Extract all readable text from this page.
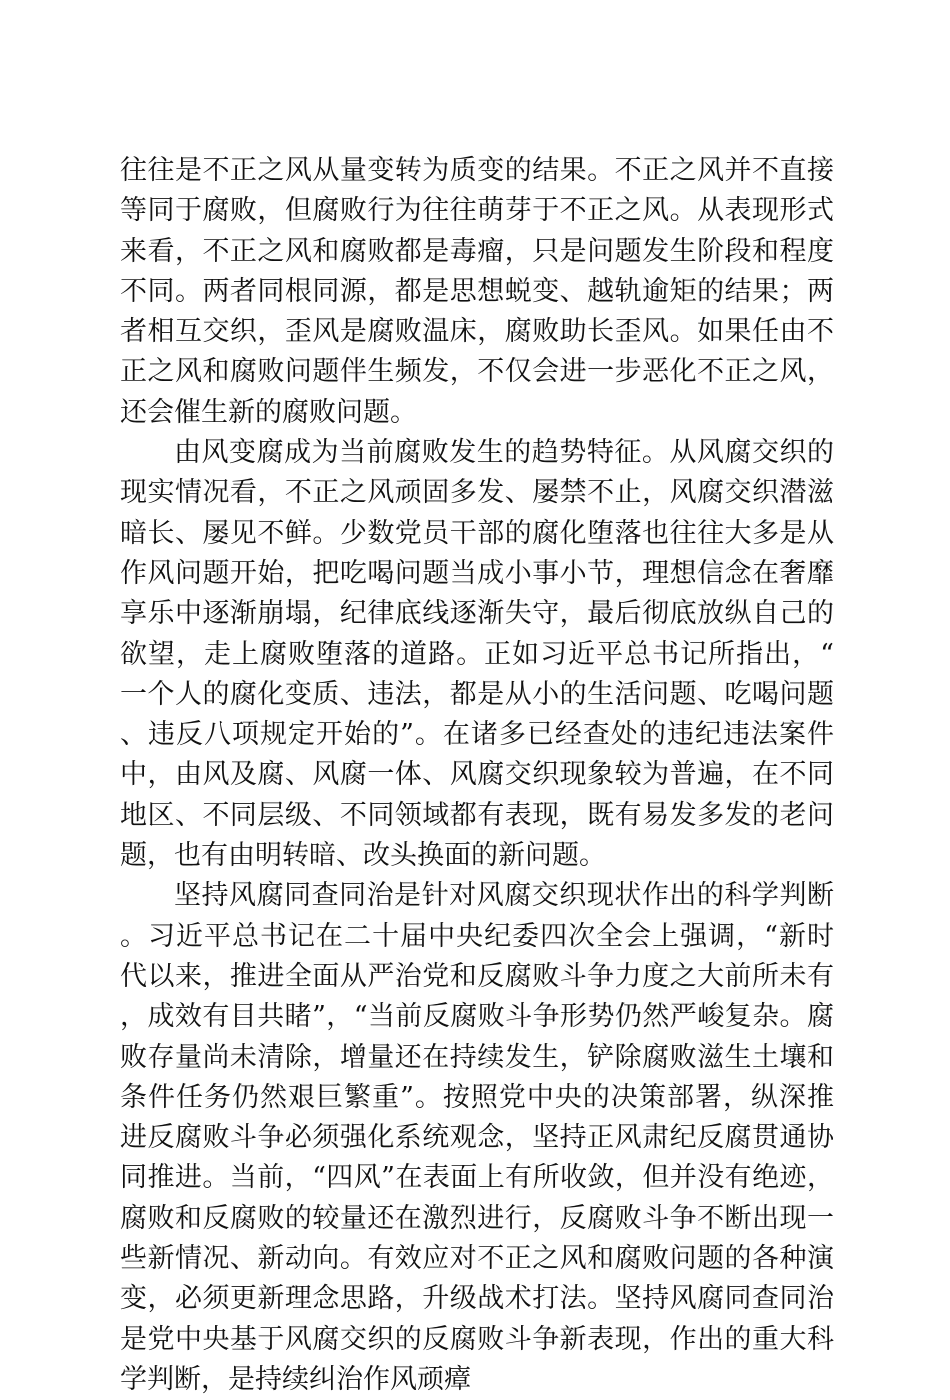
往往是不正之风从量变转为质变的结果。不正之风并不直接等同于腐败，但腐败行为往往萌芽于不正之风。从表现形式来看，不正之风和腐败都是毒瘤，只是问题发生阶段和程度不同。两者同根同源，都是思想蜕变、越轨逾矩的结果；两者相互交织，歪风是腐败温床，腐败助长歪风。如果任由不正之风和腐败问题伴生频发，不仅会进一步恶化不正之风，还会催生新的腐败问题。

由风变腐成为当前腐败发生的趋势特征。从风腐交织的现实情况看，不正之风顽固多发、屡禁不止，风腐交织潜滋暗长、屡见不鲜。少数党员干部的腐化堕落也往往大多是从作风问题开始，把吃喝问题当成小事小节，理想信念在奢靡享乐中逐渐崩塌，纪律底线逐渐失守，最后彻底放纵自己的欲望，走上腐败堕落的道路。正如习近平总书记所指出，“一个人的腐化变质、违法，都是从小的生活问题、吃喝问题、违反八项规定开始的”。在诸多已经查处的违纪违法案件中，由风及腐、风腐一体、风腐交织现象较为普遍，在不同地区、不同层级、不同领域都有表现，既有易发多发的老问题，也有由明转暗、改头换面的新问题。

坚持风腐同查同治是针对风腐交织现状作出的科学判断。习近平总书记在二十届中央纪委四次全会上强调，“新时代以来，推进全面从严治党和反腐败斗争力度之大前所未有，成效有目共睹”，“当前反腐败斗争形势仍然严峻复杂。腐败存量尚未清除，增量还在持续发生，铲除腐败滋生土壤和条件任务仍然艰巨繁重”。按照党中央的决策部署，纵深推进反腐败斗争必须强化系统观念，坚持正风肃纪反腐贯通协同推进。当前，“四风”在表面上有所收敛，但并没有绝迹，腐败和反腐败的较量还在激烈进行，反腐败斗争不断出现一些新情况、新动向。有效应对不正之风和腐败问题的各种演变，必须更新理念思路，升级战术打法。坚持风腐同查同治是党中央基于风腐交织的反腐败斗争新表现，作出的重大科学判断，是持续纠治作风顽瘴
